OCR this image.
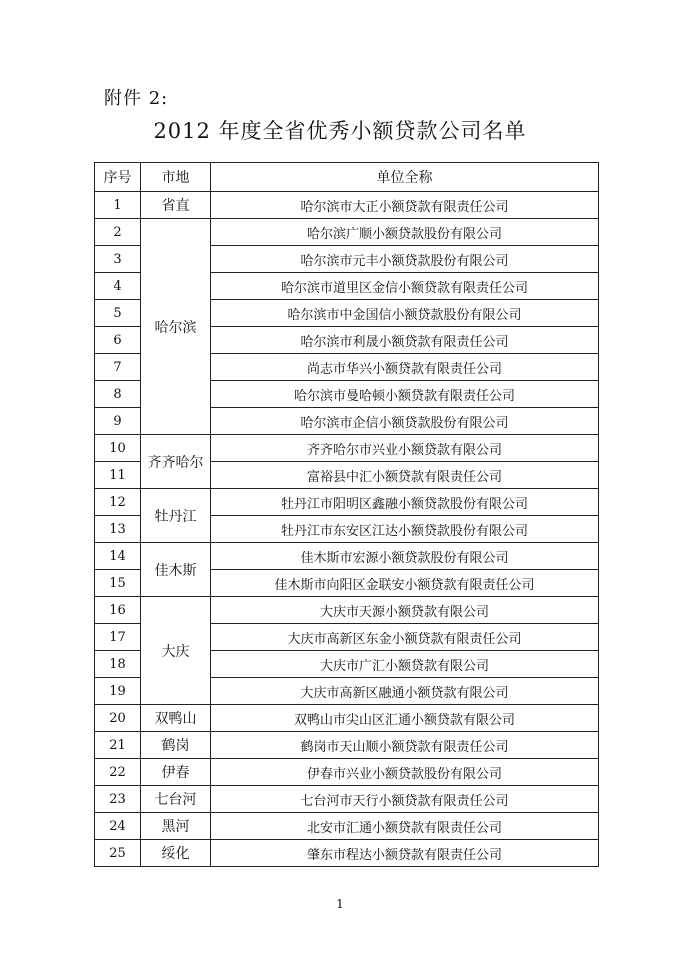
附件 2:
2012 年度全省优秀小额贷款公司名单
序号	市地	单位全称
1	省直	哈尔滨市大正小额贷款有限责任公司
2	哈尔滨	哈尔滨广顺小额贷款股份有限公司
3		哈尔滨市元丰小额贷款股份有限公司
4		哈尔滨市道里区金信小额贷款有限责任公司
5		哈尔滨市中金国信小额贷款股份有限公司
6		哈尔滨市利晟小额贷款有限责任公司
7		尚志市华兴小额贷款有限责任公司
8		哈尔滨市曼哈顿小额贷款有限责任公司
9		哈尔滨市企信小额贷款股份有限公司
10	齐齐哈尔	齐齐哈尔市兴业小额贷款有限公司
11		富裕县中汇小额贷款有限责任公司
12	牡丹江	牡丹江市阳明区鑫融小额贷款股份有限公司
13		牡丹江市东安区江达小额贷款股份有限公司
14	佳木斯	佳木斯市宏源小额贷款股份有限公司
15		佳木斯市向阳区金联安小额贷款有限责任公司
16	大庆	大庆市天源小额贷款有限公司
17		大庆市高新区东金小额贷款有限责任公司
18		大庆市广汇小额贷款有限公司
19		大庆市高新区融通小额贷款有限公司
20	双鸭山	双鸭山市尖山区汇通小额贷款有限公司
21	鹤岗	鹤岗市天山顺小额贷款有限责任公司
22	伊春	伊春市兴业小额贷款股份有限公司
23	七台河	七台河市天行小额贷款有限责任公司
24	黑河	北安市汇通小额贷款有限责任公司
25	绥化	肇东市程达小额贷款有限责任公司
1
